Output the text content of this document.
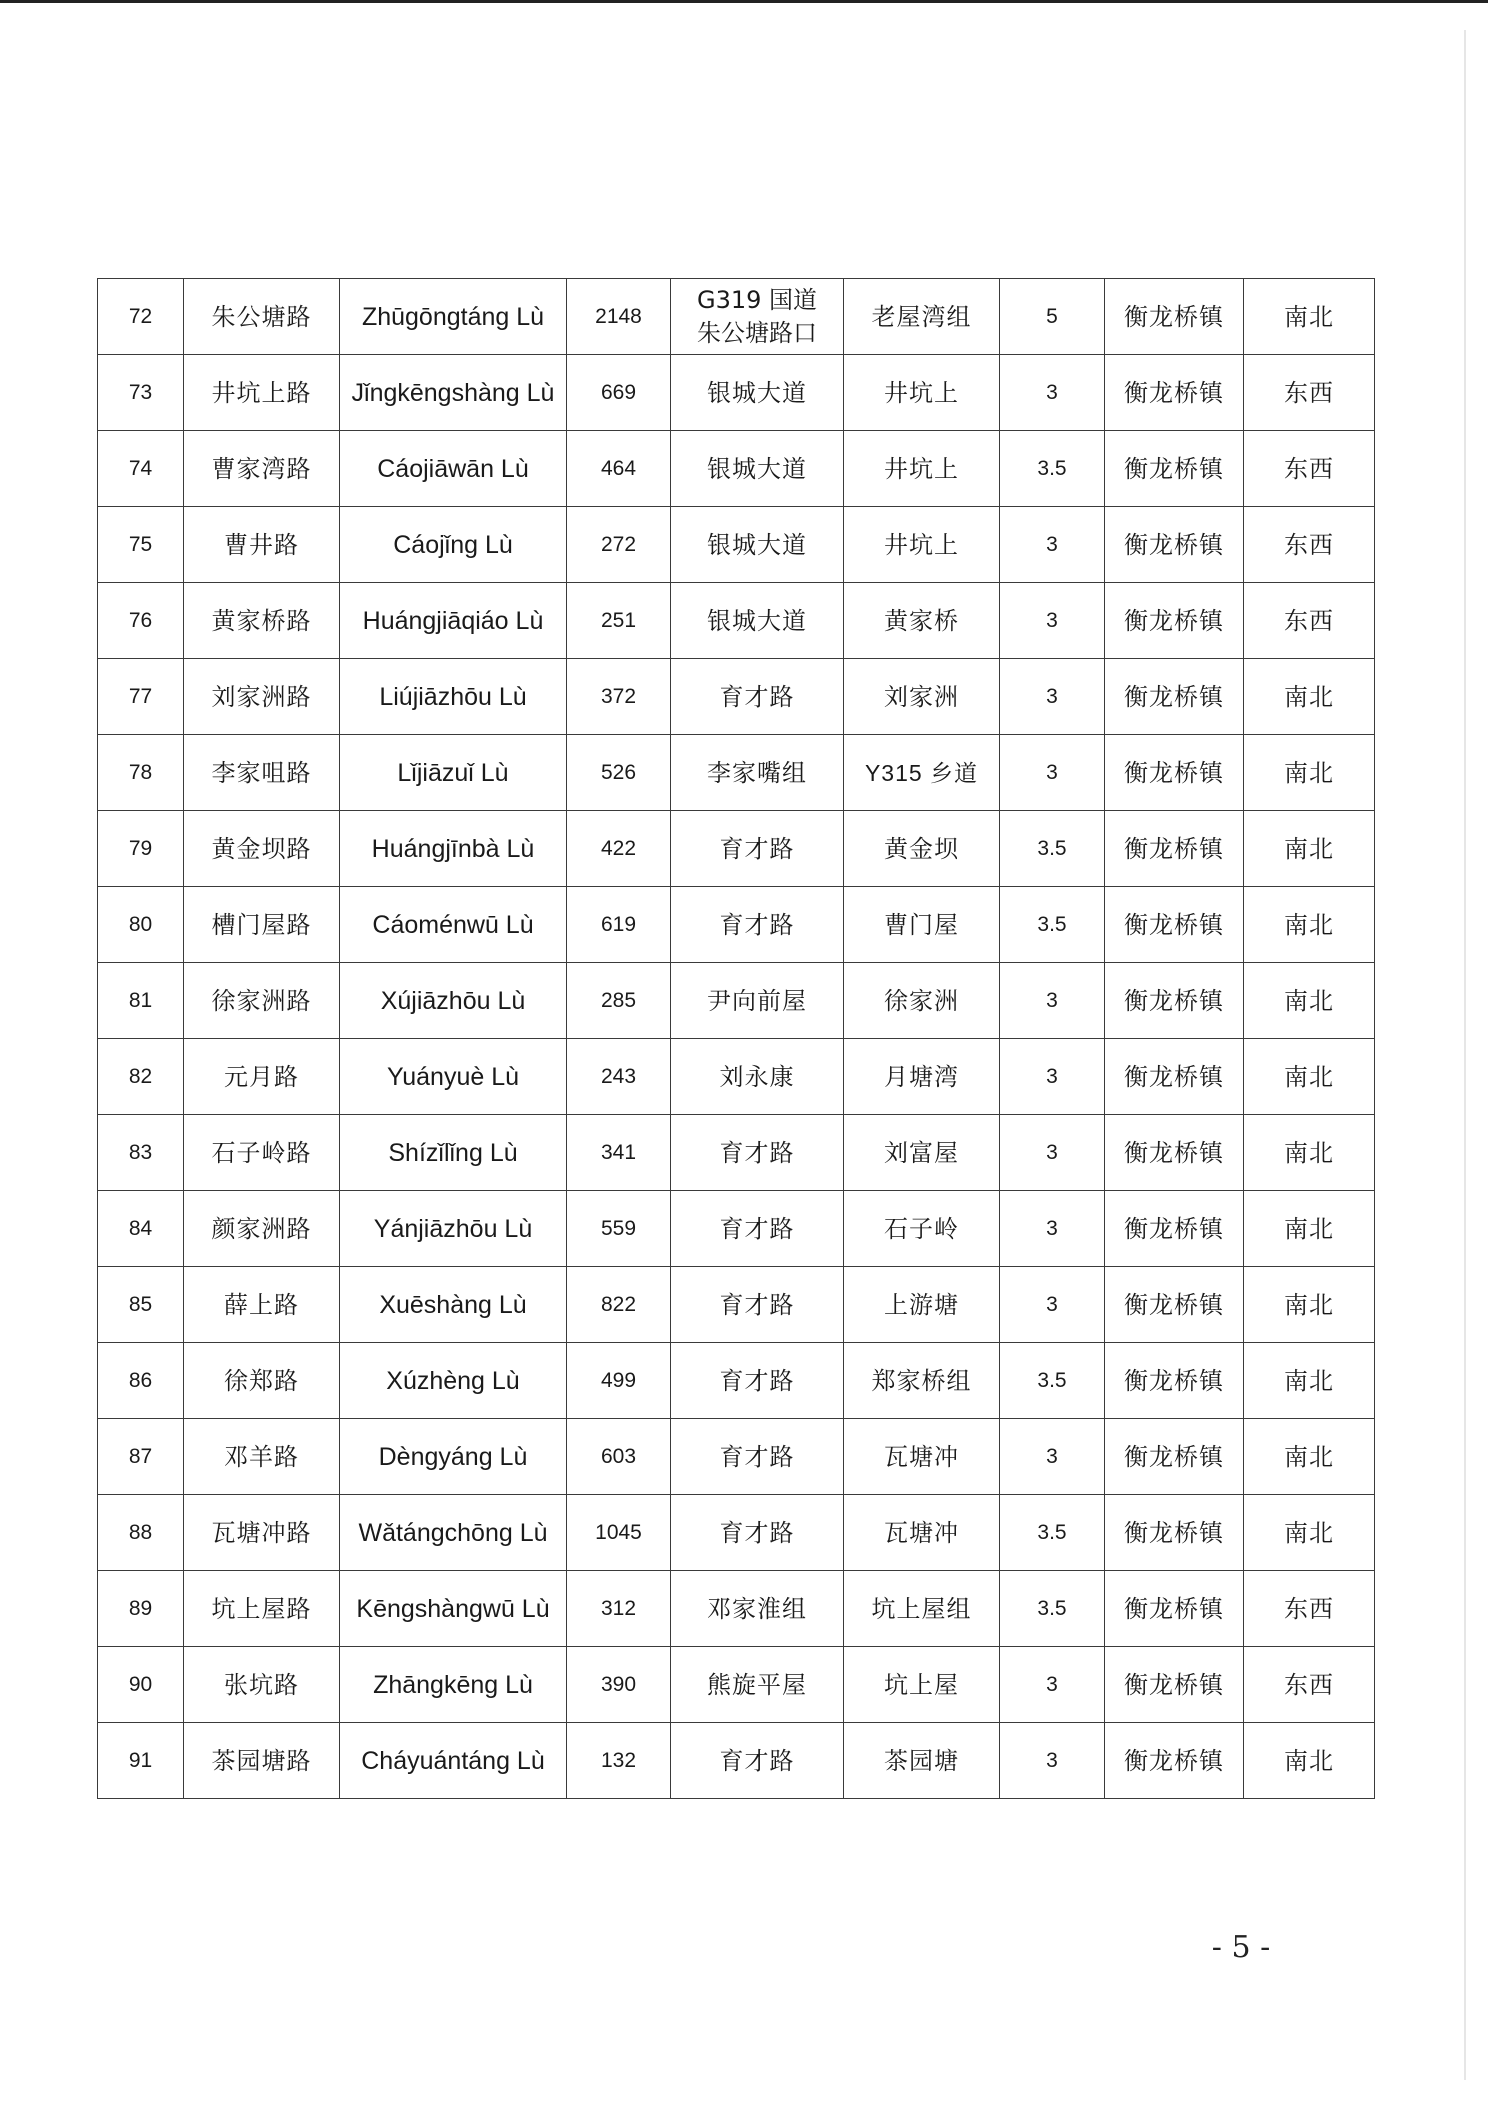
72	朱公塘路	Zhūgōngtáng Lù	2148	G319 国道
朱公塘路口	老屋湾组	5	衡龙桥镇	南北
73	井坑上路	Jǐngkēngshàng Lù	669	银城大道	井坑上	3	衡龙桥镇	东西
74	曹家湾路	Cáojiāwān Lù	464	银城大道	井坑上	3.5	衡龙桥镇	东西
75	曹井路	Cáojǐng Lù	272	银城大道	井坑上	3	衡龙桥镇	东西
76	黄家桥路	Huángjiāqiáo Lù	251	银城大道	黄家桥	3	衡龙桥镇	东西
77	刘家洲路	Liújiāzhōu Lù	372	育才路	刘家洲	3	衡龙桥镇	南北
78	李家咀路	Lǐjiāzuǐ Lù	526	李家嘴组	Y315 乡道	3	衡龙桥镇	南北
79	黄金坝路	Huángjīnbà Lù	422	育才路	黄金坝	3.5	衡龙桥镇	南北
80	槽门屋路	Cáoménwū Lù	619	育才路	曹门屋	3.5	衡龙桥镇	南北
81	徐家洲路	Xújiāzhōu Lù	285	尹向前屋	徐家洲	3	衡龙桥镇	南北
82	元月路	Yuányuè Lù	243	刘永康	月塘湾	3	衡龙桥镇	南北
83	石子岭路	Shízǐlǐng Lù	341	育才路	刘富屋	3	衡龙桥镇	南北
84	颜家洲路	Yánjiāzhōu Lù	559	育才路	石子岭	3	衡龙桥镇	南北
85	薛上路	Xuēshàng Lù	822	育才路	上游塘	3	衡龙桥镇	南北
86	徐郑路	Xúzhèng Lù	499	育才路	郑家桥组	3.5	衡龙桥镇	南北
87	邓羊路	Dèngyáng Lù	603	育才路	瓦塘冲	3	衡龙桥镇	南北
88	瓦塘冲路	Wǎtángchōng Lù	1045	育才路	瓦塘冲	3.5	衡龙桥镇	南北
89	坑上屋路	Kēngshàngwū Lù	312	邓家淮组	坑上屋组	3.5	衡龙桥镇	东西
90	张坑路	Zhāngkēng Lù	390	熊旋平屋	坑上屋	3	衡龙桥镇	东西
91	茶园塘路	Cháyuántáng Lù	132	育才路	茶园塘	3	衡龙桥镇	南北
- 5 -
